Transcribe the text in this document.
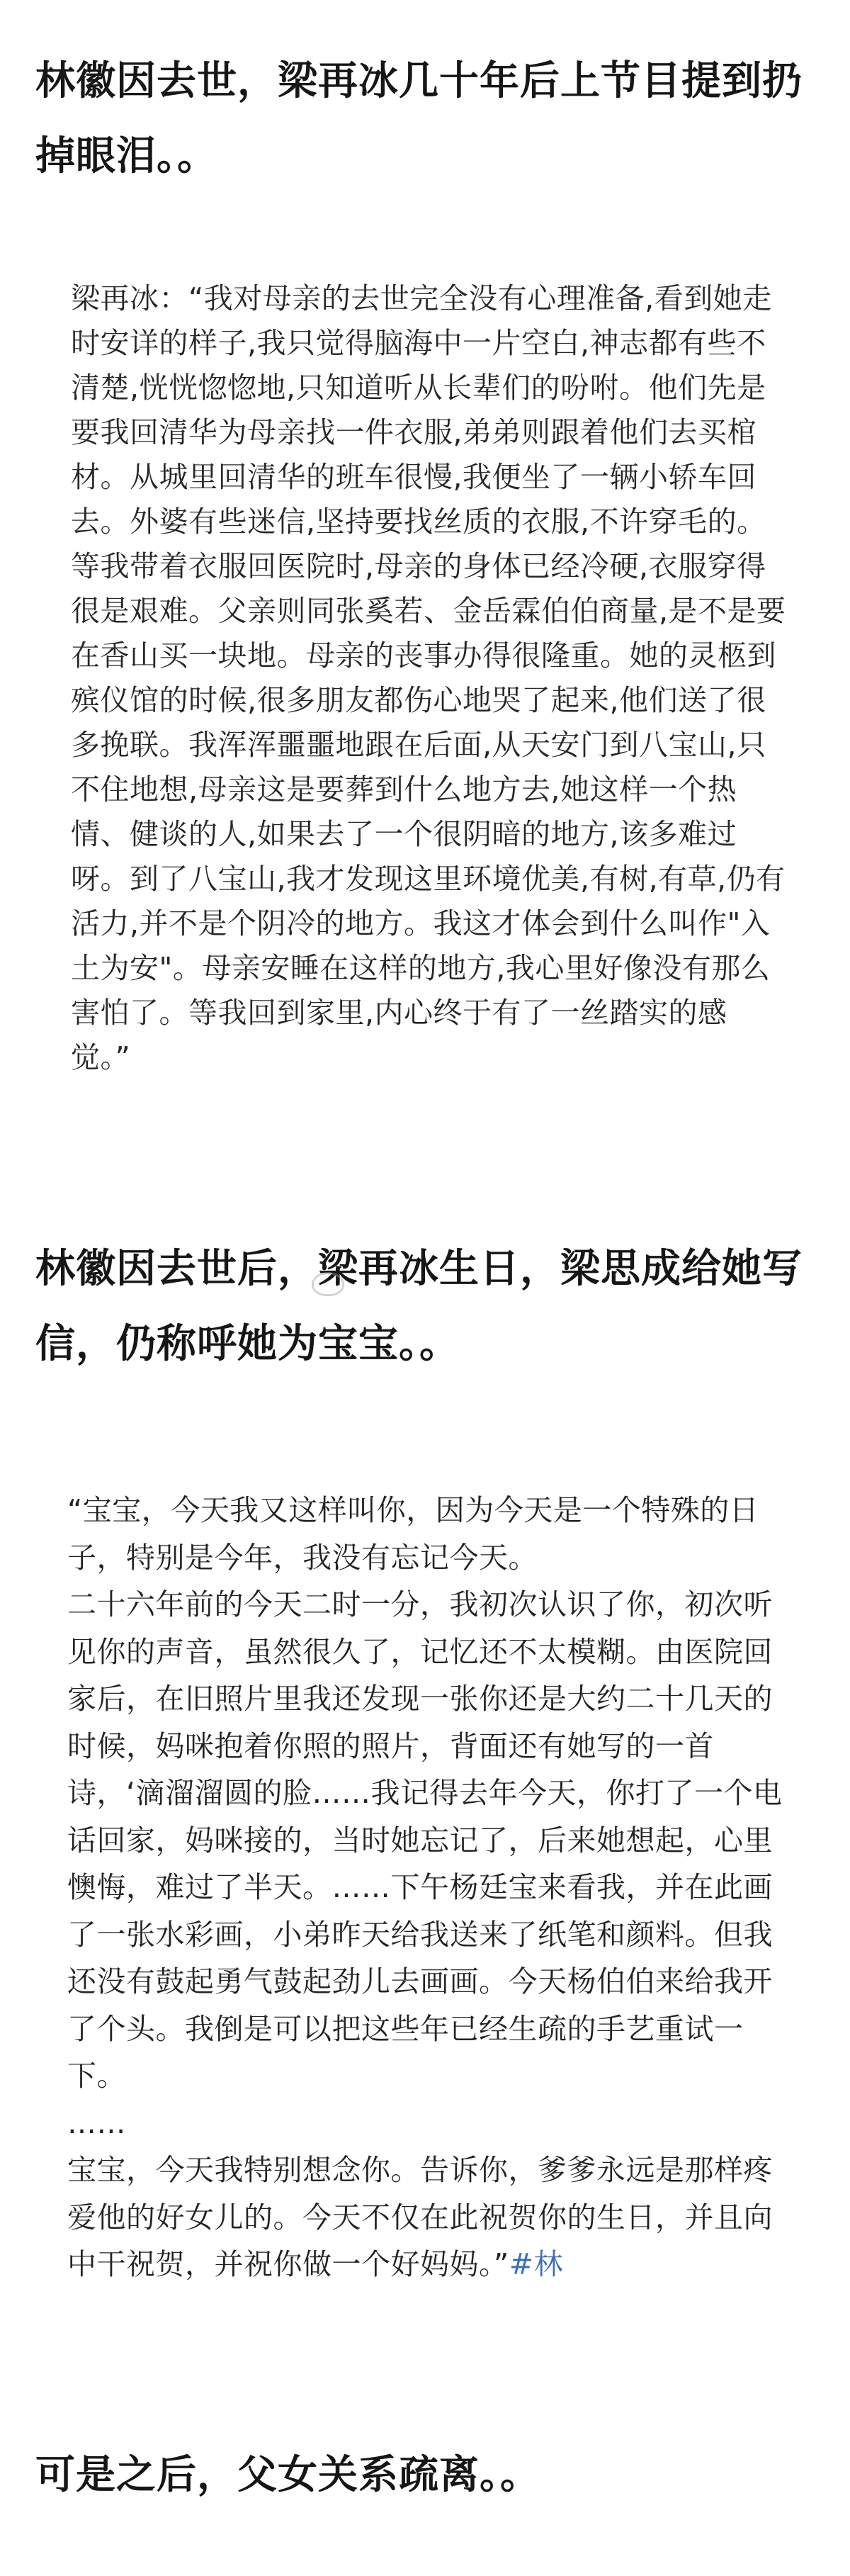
林徽因去世，梁再冰几十年后上节目提到扔掉眼泪。。

梁再冰：“我对母亲的去世完全没有心理准备,看到她走时安详的样子,我只觉得脑海中一片空白,神志都有些不清楚,恍恍惚惚地,只知道听从长辈们的吩咐。他们先是要我回清华为母亲找一件衣服,弟弟则跟着他们去买棺材。从城里回清华的班车很慢,我便坐了一辆小轿车回去。外婆有些迷信,坚持要找丝质的衣服,不许穿毛的。等我带着衣服回医院时,母亲的身体已经冷硬,衣服穿得很是艰难。父亲则同张奚若、金岳霖伯伯商量,是不是要在香山买一块地。母亲的丧事办得很隆重。她的灵柩到殡仪馆的时候,很多朋友都伤心地哭了起来,他们送了很多挽联。我浑浑噩噩地跟在后面,从天安门到八宝山,只不住地想,母亲这是要葬到什么地方去,她这样一个热情、健谈的人,如果去了一个很阴暗的地方,该多难过呀。到了八宝山,我才发现这里环境优美,有树,有草,仍有活力,并不是个阴冷的地方。我这才体会到什么叫作"入土为安"。母亲安睡在这样的地方,我心里好像没有那么害怕了。等我回到家里,内心终于有了一丝踏实的感觉。”

林徽因去世后，梁再冰生日，梁思成给她写信，仍称呼她为宝宝。。
“宝宝，今天我又这样叫你，因为今天是一个特殊的日子，特别是今年，我没有忘记今天。
二十六年前的今天二时一分，我初次认识了你，初次听见你的声音，虽然很久了，记忆还不太模糊。由医院回家后，在旧照片里我还发现一张你还是大约二十几天的时候，妈咪抱着你照的照片，背面还有她写的一首诗，‘滴溜溜圆的脸……我记得去年今天，你打了一个电话回家，妈咪接的，当时她忘记了，后来她想起，心里懊悔，难过了半天。……下午杨廷宝来看我，并在此画了一张水彩画，小弟昨天给我送来了纸笔和颜料。但我还没有鼓起勇气鼓起劲儿去画画。今天杨伯伯来给我开了个头。我倒是可以把这些年已经生疏的手艺重试一下。
……
宝宝，今天我特别想念你。告诉你，爹爹永远是那样疼爱他的好女儿的。今天不仅在此祝贺你的生日，并且向中干祝贺，并祝你做一个好妈妈。”#林
可是之后，父女关系疏离。。
